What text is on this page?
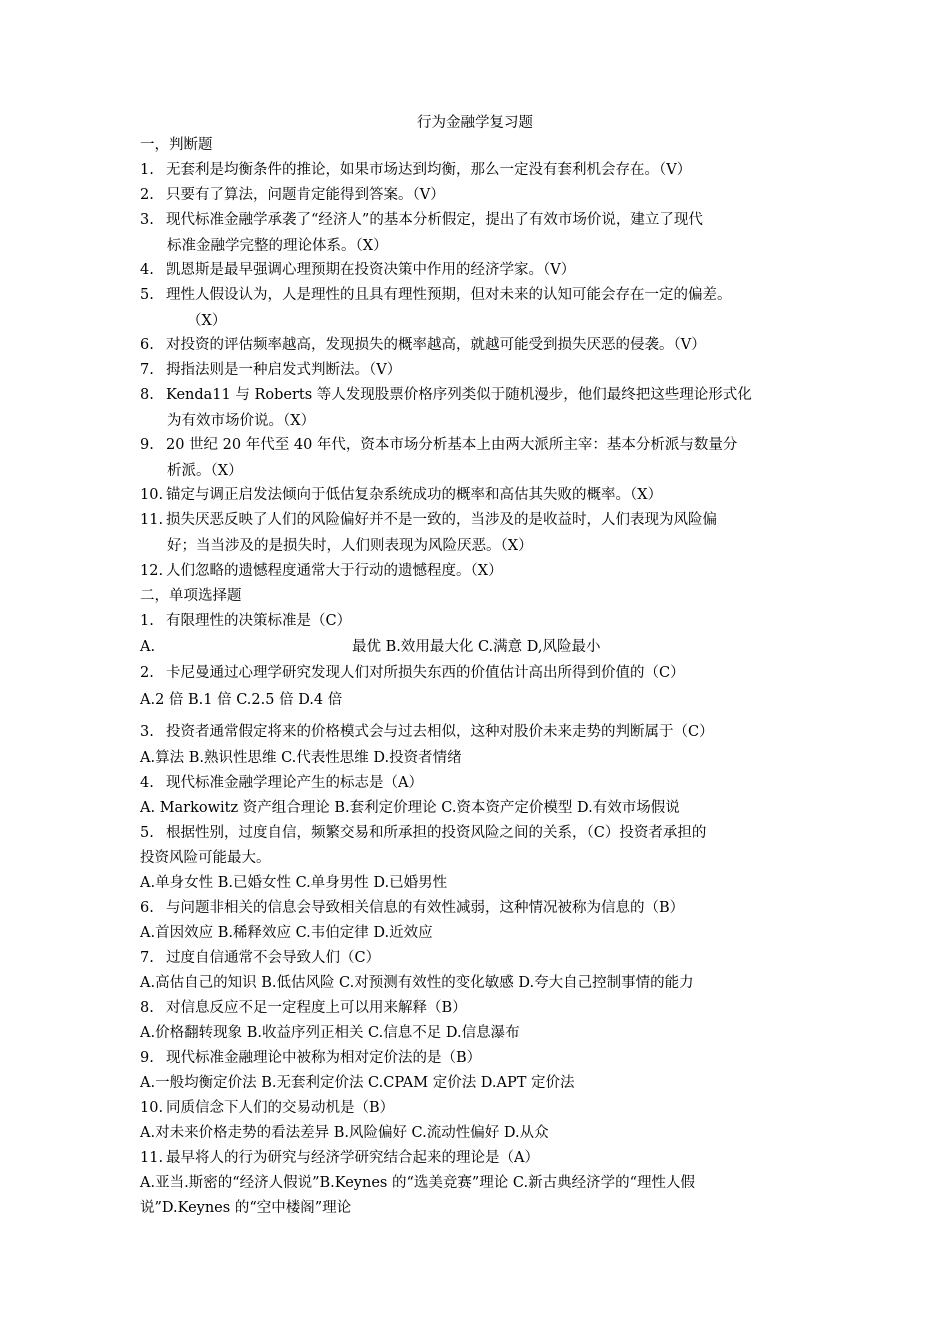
行为金融学复习题
一，判断题
1. 无套利是均衡条件的推论，如果市场达到均衡，那么一定没有套利机会存在。（V）
2. 只要有了算法，问题肯定能得到答案。（V）
3. 现代标准金融学承袭了“经济人”的基本分析假定，提出了有效市场价说，建立了现代
标准金融学完整的理论体系。（X）
4. 凯恩斯是最早强调心理预期在投资决策中作用的经济学家。（V）
5. 理性人假设认为，人是理性的且具有理性预期，但对未来的认知可能会存在一定的偏差。
（X）
6. 对投资的评估频率越高，发现损失的概率越高，就越可能受到损失厌恶的侵袭。（V）
7. 拇指法则是一种启发式判断法。（V）
8. Kenda11 与 Roberts 等人发现股票价格序列类似于随机漫步，他们最终把这些理论形式化
为有效市场价说。（X）
9. 20 世纪 20 年代至 40 年代，资本市场分析基本上由两大派所主宰：基本分析派与数量分
析派。（X）
10. 锚定与调正启发法倾向于低估复杂系统成功的概率和高估其失败的概率。（X）
11. 损失厌恶反映了人们的风险偏好并不是一致的，当涉及的是收益时，人们表现为风险偏
好；当当涉及的是损失时，人们则表现为风险厌恶。（X）
12. 人们忽略的遗憾程度通常大于行动的遗憾程度。（X）
二，单项选择题
1. 有限理性的决策标准是（C）
A.	最优 B.效用最大化 C.满意 D,风险最小
2. 卡尼曼通过心理学研究发现人们对所损失东西的价值估计高出所得到价值的（C）
A.2 倍 B.1 倍 C.2.5 倍 D.4 倍
3. 投资者通常假定将来的价格模式会与过去相似，这种对股价未来走势的判断属于（C）
A.算法 B.熟识性思维 C.代表性思维 D.投资者情绪
4. 现代标准金融学理论产生的标志是（A）
A. Markowitz 资产组合理论 B.套利定价理论 C.资本资产定价模型 D.有效市场假说
5. 根据性别，过度自信，频繁交易和所承担的投资风险之间的关系，（C）投资者承担的
投资风险可能最大。
A.单身女性 B.已婚女性 C.单身男性 D.已婚男性
6. 与问题非相关的信息会导致相关信息的有效性减弱，这种情况被称为信息的（B）
A.首因效应 B.稀释效应 C.韦伯定律 D.近效应
7. 过度自信通常不会导致人们（C）
A.高估自己的知识 B.低估风险 C.对预测有效性的变化敏感 D.夸大自己控制事情的能力
8. 对信息反应不足一定程度上可以用来解释（B）
A.价格翻转现象 B.收益序列正相关 C.信息不足 D.信息瀑布
9. 现代标准金融理论中被称为相对定价法的是（B）
A.一般均衡定价法 B.无套利定价法 C.CPAM 定价法 D.APT 定价法
10. 同质信念下人们的交易动机是（B）
A.对未来价格走势的看法差异 B.风险偏好 C.流动性偏好 D.从众
11. 最早将人的行为研究与经济学研究结合起来的理论是（A）
A.亚当.斯密的“经济人假说”B.Keynes 的“选美竞赛”理论 C.新古典经济学的“理性人假
说”D.Keynes 的“空中楼阁”理论
